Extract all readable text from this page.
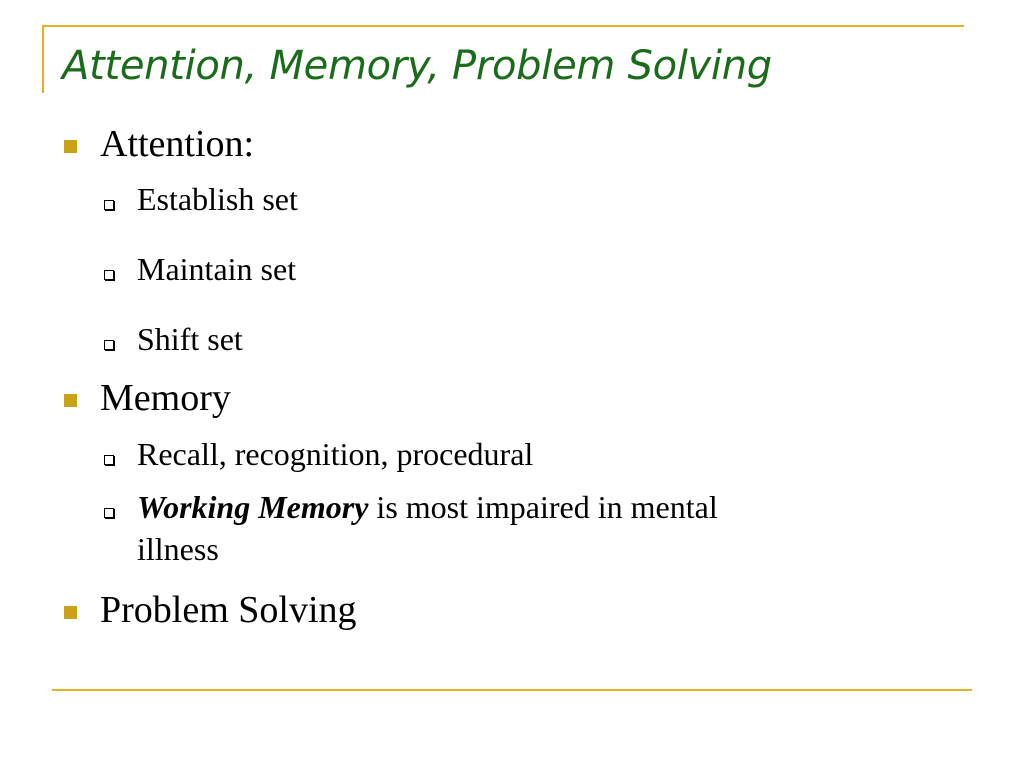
Attention, Memory, Problem Solving
Attention:
Establish set
Maintain set
Shift set
Memory
Recall, recognition, procedural
Working Memory is most impaired in mental
illness
Problem Solving
